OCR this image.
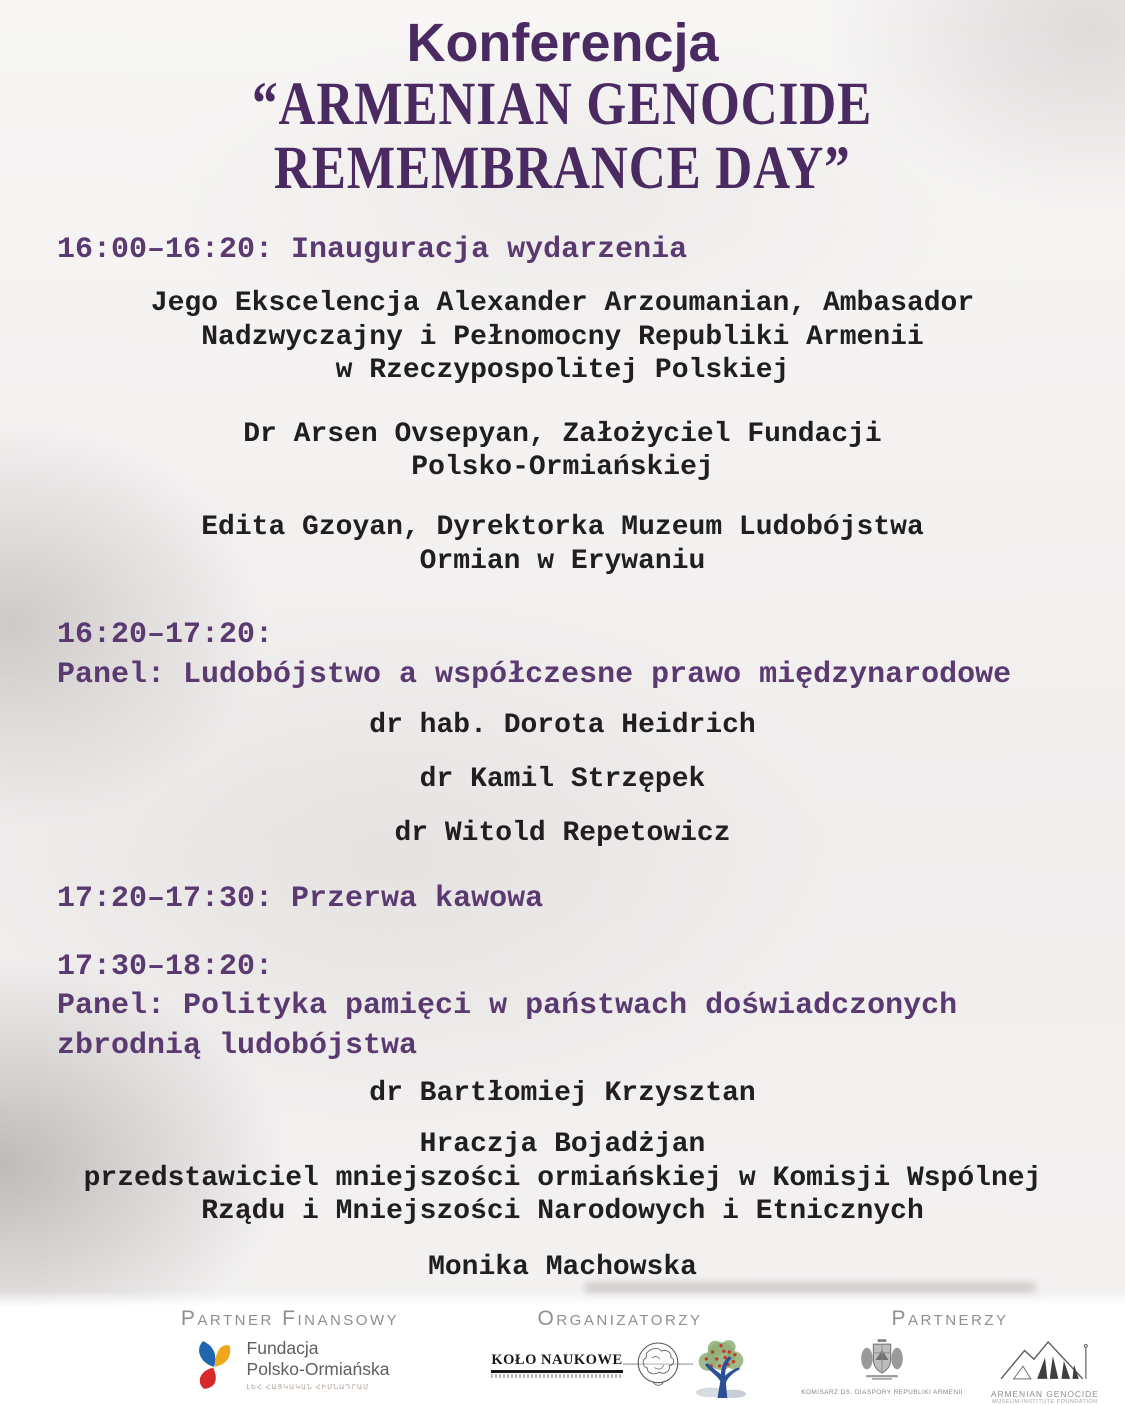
Konferencja
“ARMENIAN GENOCIDE
REMEMBRANCE DAY”

16:00–16:20: Inauguracja wydarzenia

Jego Ekscelencja Alexander Arzoumanian, Ambasador

Nadzwyczajny i Pełnomocny Republiki Armenii

w Rzeczypospolitej Polskiej

Dr Arsen Ovsepyan, Założyciel Fundacji

Polsko-Ormiańskiej

Edita Gzoyan, Dyrektorka Muzeum Ludobójstwa

Ormian w Erywaniu

16:20–17:20:

Panel: Ludobójstwo a współczesne prawo międzynarodowe

dr hab. Dorota Heidrich

dr Kamil Strzępek

dr Witold Repetowicz

17:20–17:30: Przerwa kawowa

17:30–18:20:

Panel: Polityka pamięci w państwach doświadczonych

zbrodnią ludobójstwa

dr Bartłomiej Krzysztan

Hraczja Bojadżjan

przedstawiciel mniejszości ormiańskiej w Komisji Wspólnej

Rządu i Mniejszości Narodowych i Etnicznych

Monika Machowska

Partner Finansowy

Fundacja

Polsko-Ormiańska

ԼԵՀ ՀԱՅԿԱԿԱՆ ՀԻՄՆԱԴՐԱՄ

Organizatorzy

KOŁO NAUKOWE

Partnerzy

KOMISARZ DS. DIASPORY REPUBLIKI ARMENII	ARMENIAN GENOCIDE

MUSEUM-INSTITUTE FOUNDATION
